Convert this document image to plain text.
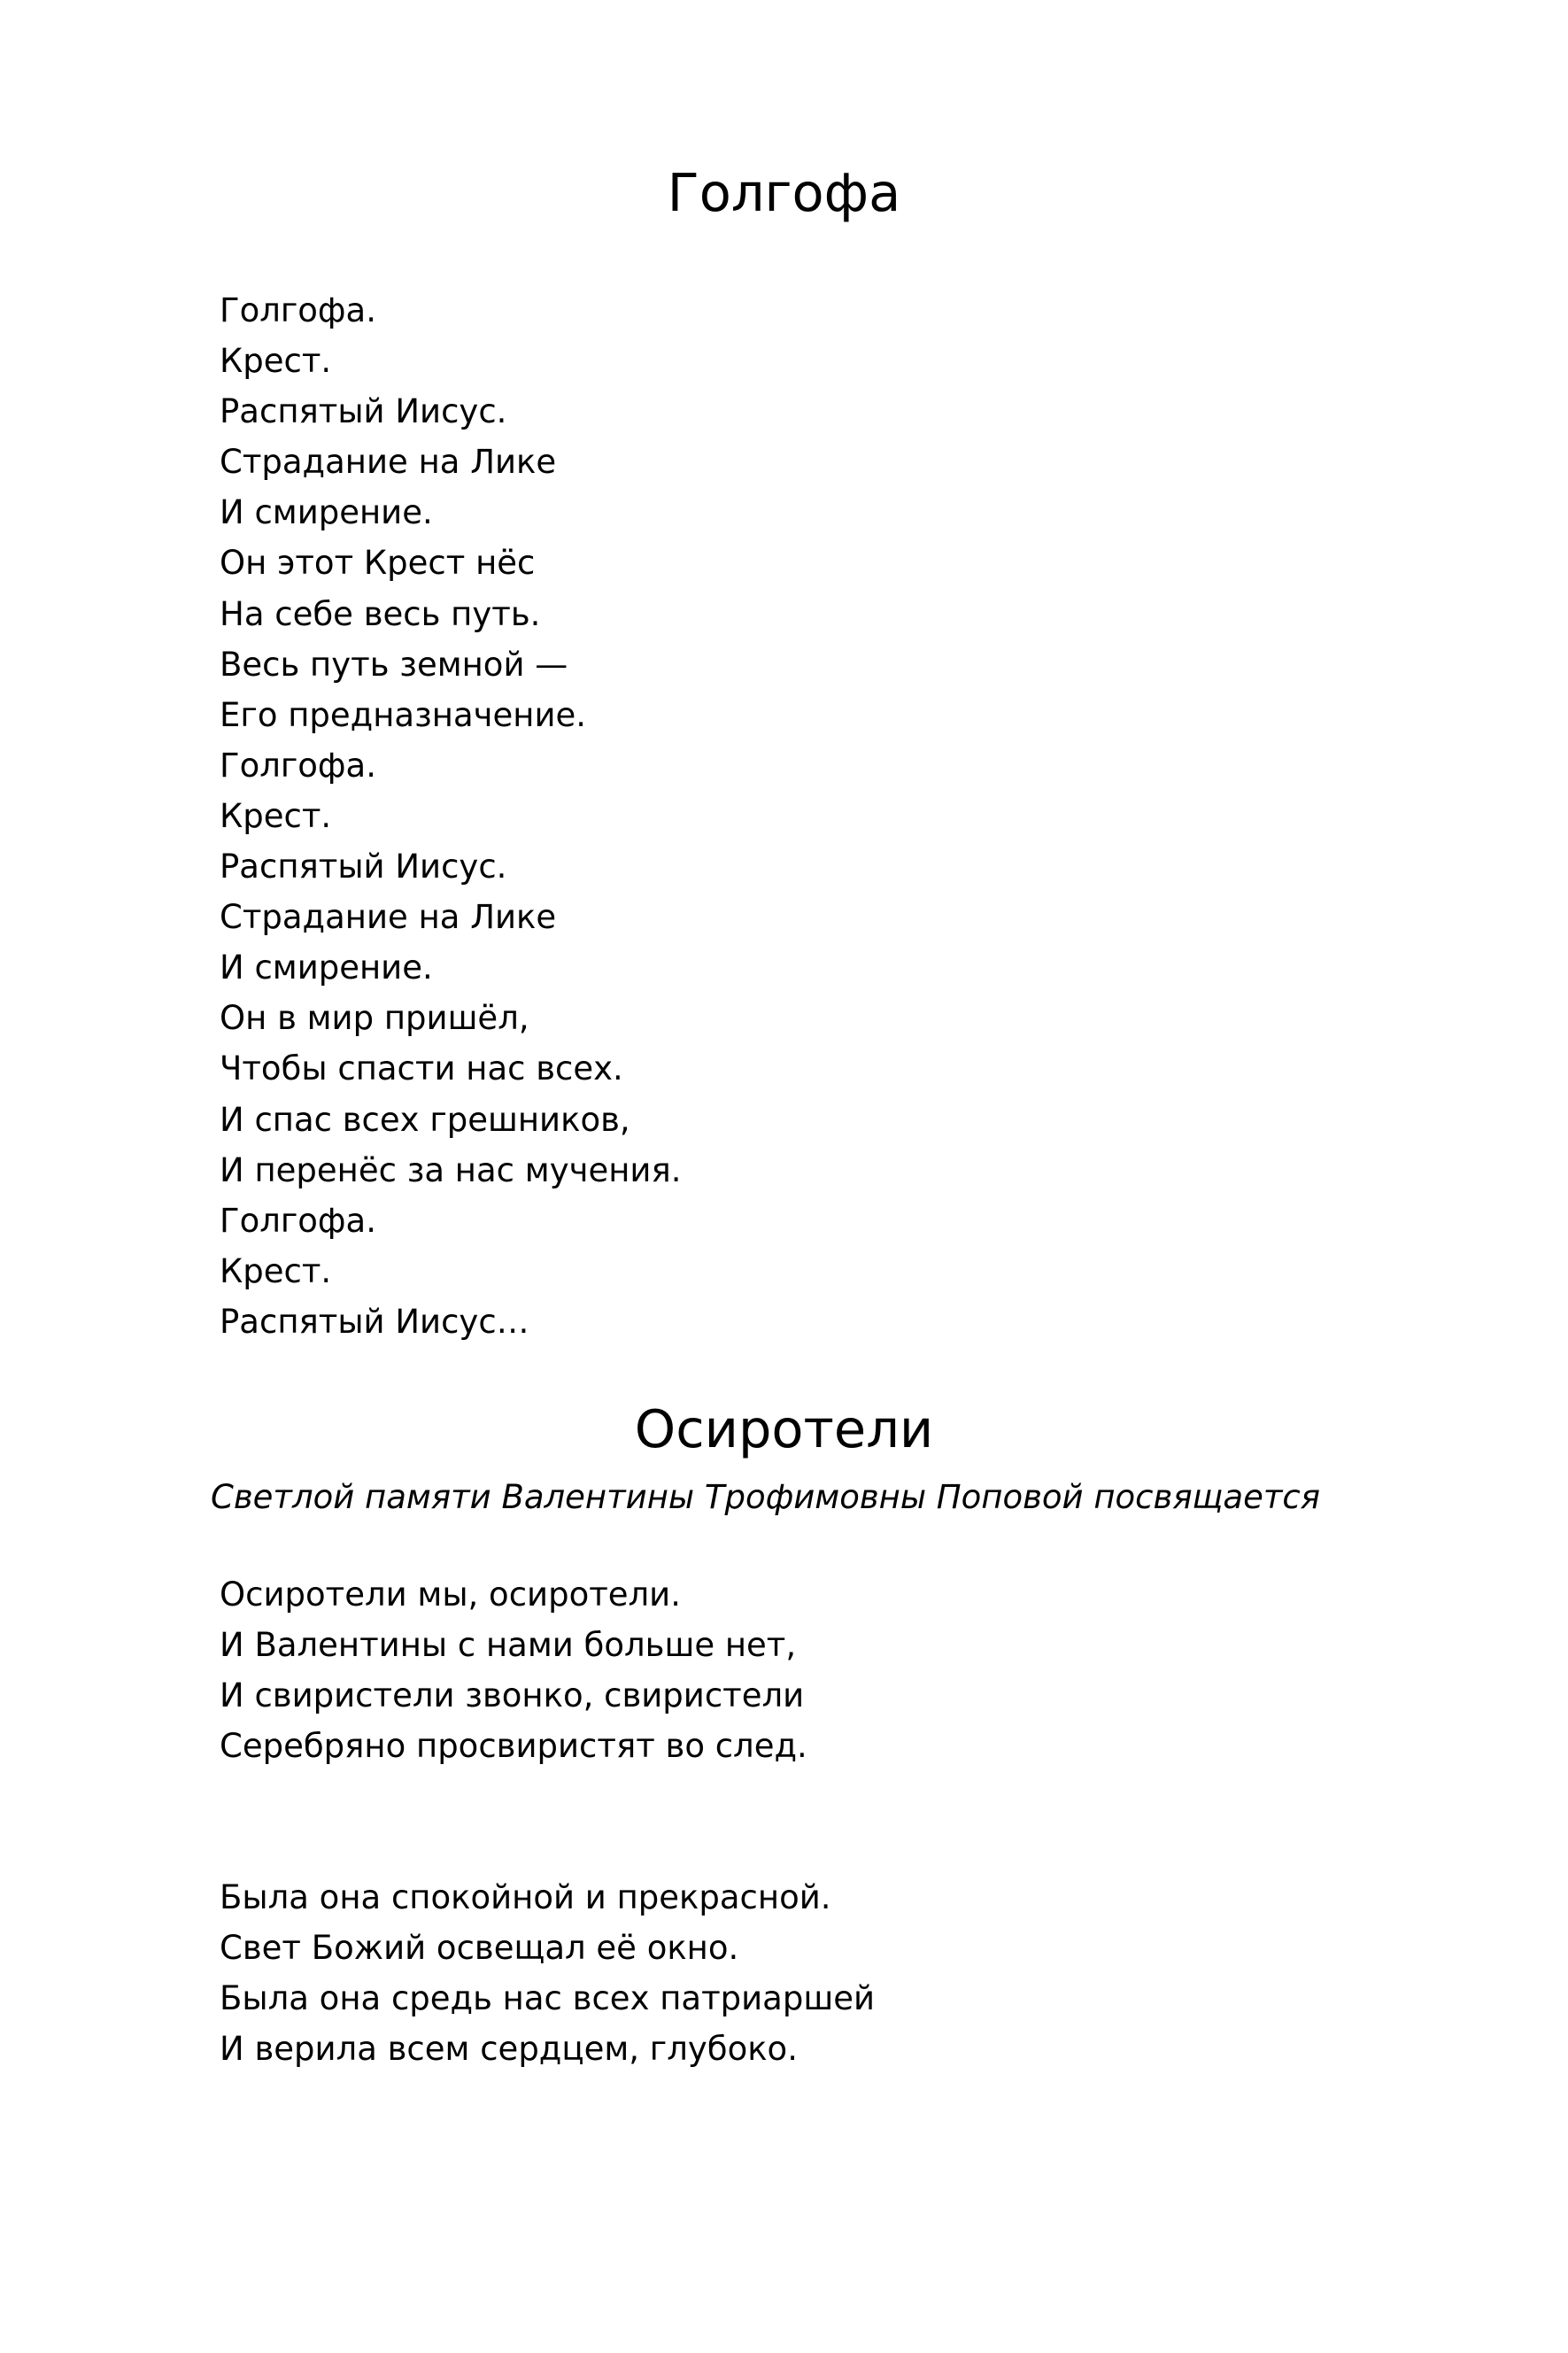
Голгофа
Голгофа.
Крест.
Распятый Иисус.
Страдание на Лике
И смирение.
Он этот Крест нёс
На себе весь путь.
Весь путь земной —
Его предназначение.
Голгофа.
Крест.
Распятый Иисус.
Страдание на Лике
И смирение.
Он в мир пришёл,
Чтобы спасти нас всех.
И спас всех грешников,
И перенёс за нас мучения.
Голгофа.
Крест.
Распятый Иисус…
Осиротели

Светлой памяти Валентины Трофимовны Поповой посвящается

Осиротели мы, осиротели.
И Валентины с нами больше нет,
И свиристели звонко, свиристели
Серебряно просвиристят во след.
Была она спокойной и прекрасной.
Свет Божий освещал её окно.
Была она средь нас всех патриаршей
И верила всем сердцем, глубоко.
